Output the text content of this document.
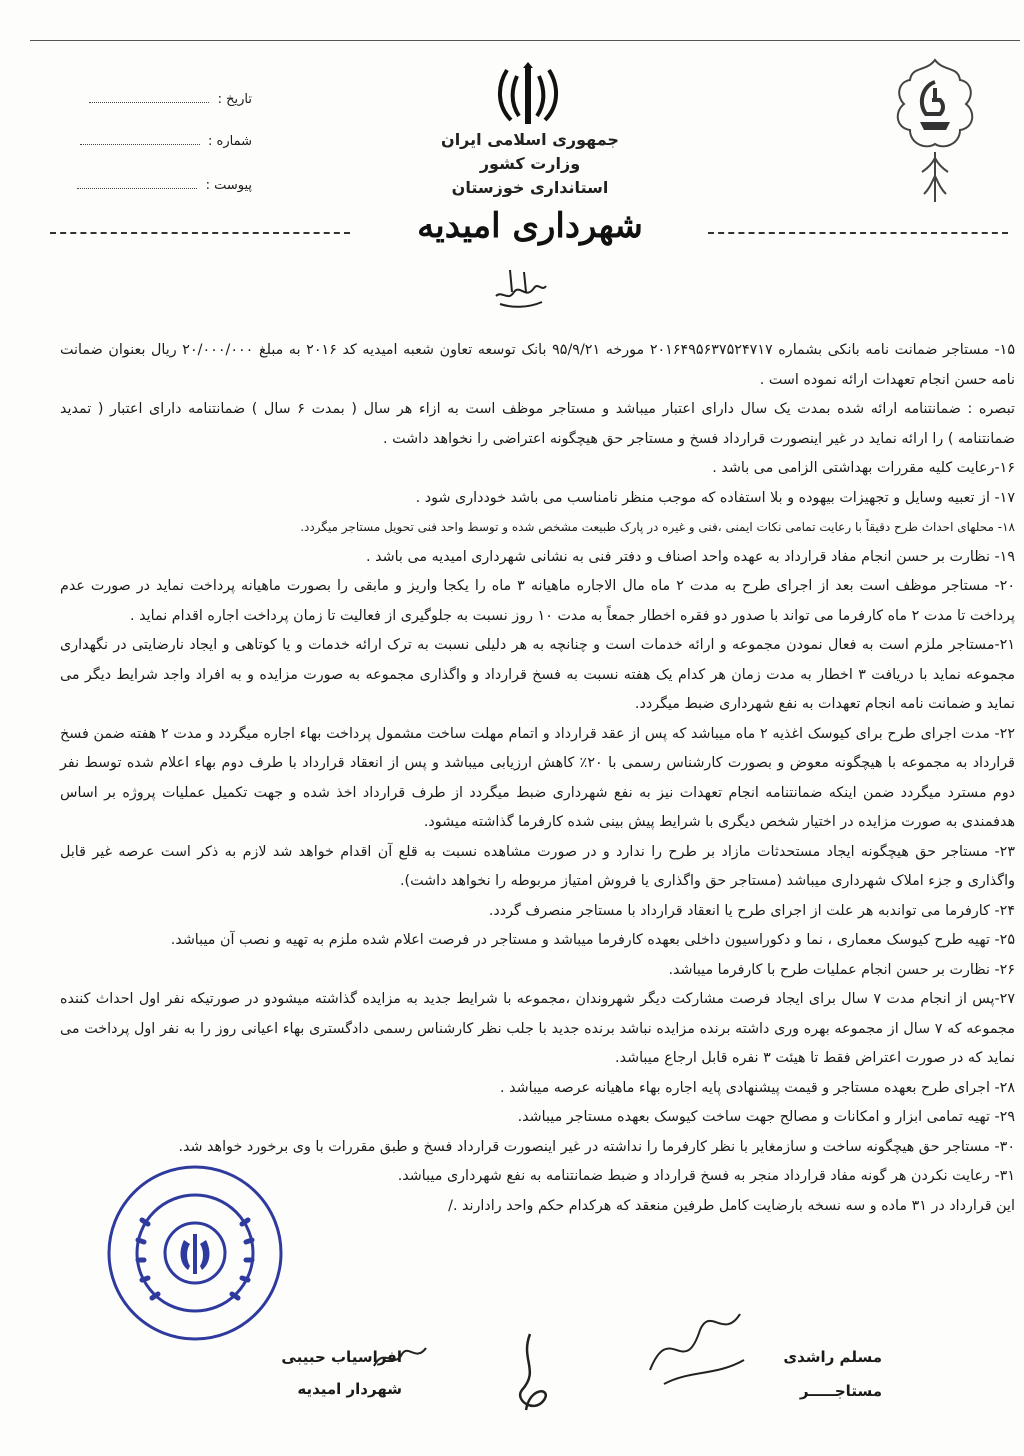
تاریخ :
شماره :
پیوست :
جمهوری اسلامی ایران
وزارت کشور
استانداری خوزستان
شهرداری امیدیه

۱۵- مستاجر ضمانت نامه بانکی بشماره ۲۰۱۶۴۹۵۶۳۷۵۲۴۷۱۷ مورخه ۹۵/۹/۲۱ بانک توسعه تعاون شعبه امیدیه کد ۲۰۱۶ به مبلغ ۲۰/۰۰۰/۰۰۰ ریال بعنوان ضمانت نامه حسن انجام تعهدات ارائه نموده است .

تبصره : ضمانتنامه ارائه شده بمدت یک سال دارای اعتبار میباشد و مستاجر موظف است به ازاء هر سال ( بمدت ۶ سال ) ضمانتنامه دارای اعتبار ( تمدید ضمانتنامه ) را ارائه نماید در غیر اینصورت قرارداد فسخ و مستاجر حق هیچگونه اعتراضی را نخواهد داشت .

۱۶-رعایت کلیه مقررات بهداشتی الزامی می باشد .

۱۷- از تعبیه وسایل و تجهیزات بیهوده و بلا استفاده که موجب منظر نامناسب می باشد خودداری شود .

۱۸- محلهای احداث طرح دقیقاً با رعایت تمامی نکات ایمنی ،فنی و غیره در پارک طبیعت مشخص شده و توسط واحد فنی تحویل مستاجر میگردد.

۱۹- نظارت بر حسن انجام مفاد قرارداد به عهده واحد اصناف و دفتر فنی به نشانی شهرداری امیدیه می باشد .

۲۰- مستاجر موظف است بعد از اجرای طرح به مدت ۲ ماه مال الاجاره ماهیانه ۳ ماه را یکجا واریز و مابقی را بصورت ماهیانه پرداخت نماید در صورت عدم پرداخت تا مدت ۲ ماه کارفرما می تواند با صدور دو فقره اخطار جمعاً به مدت ۱۰ روز نسبت به جلوگیری از فعالیت تا زمان پرداخت اجاره اقدام نماید .

۲۱-مستاجر ملزم است به فعال نمودن مجموعه و ارائه خدمات است و چنانچه به هر دلیلی نسبت به ترک ارائه خدمات و یا کوتاهی و ایجاد نارضایتی در نگهداری مجموعه نماید با دریافت ۳ اخطار به مدت زمان هر کدام یک هفته نسبت به فسخ قرارداد و واگذاری مجموعه به صورت مزایده و به افراد واجد شرایط دیگر می نماید و ضمانت نامه انجام تعهدات به نفع شهرداری ضبط میگردد.

۲۲- مدت اجرای طرح برای کیوسک اغذیه ۲ ماه میباشد که پس از عقد قرارداد و اتمام مهلت ساخت مشمول پرداخت بهاء اجاره میگردد و مدت ۲ هفته ضمن فسخ قرارداد به مجموعه با هیچگونه معوض و بصورت کارشناس رسمی با ۲۰٪ کاهش ارزیابی میباشد و پس از انعقاد قرارداد با طرف دوم بهاء اعلام شده توسط نفر دوم مسترد میگردد ضمن اینکه ضمانتنامه انجام تعهدات نیز به نفع شهرداری ضبط میگردد از طرف قرارداد اخذ شده و جهت تکمیل عملیات پروژه بر اساس هدفمندی به صورت مزایده در اختیار شخص دیگری با شرایط پیش بینی شده کارفرما گذاشته میشود.

۲۳- مستاجر حق هیچگونه ایجاد مستحدثات مازاد بر طرح را ندارد و در صورت مشاهده نسبت به قلع آن اقدام خواهد شد لازم به ذکر است عرصه غیر قابل واگذاری و جزء املاک شهرداری میباشد (مستاجر حق واگذاری یا فروش امتیاز مربوطه را نخواهد داشت).

۲۴- کارفرما می تواندبه هر علت از اجرای طرح یا انعقاد قرارداد با مستاجر منصرف گردد.

۲۵- تهیه طرح کیوسک معماری ، نما و دکوراسیون داخلی بعهده کارفرما میباشد و مستاجر در فرصت اعلام شده ملزم به تهیه و نصب آن میباشد.

۲۶- نظارت بر حسن انجام عملیات طرح با کارفرما میباشد.

۲۷-پس از انجام مدت ۷ سال برای ایجاد فرصت مشارکت دیگر شهروندان ،مجموعه با شرایط جدید به مزایده گذاشته میشودو در صورتیکه نفر اول احداث کننده مجموعه که ۷ سال از مجموعه بهره وری داشته برنده مزایده نباشد برنده جدید با جلب نظر کارشناس رسمی دادگستری بهاء اعیانی روز را به نفر اول پرداخت می نماید که در صورت اعتراض فقط تا هیئت ۳ نفره قابل ارجاع میباشد.

۲۸- اجرای طرح بعهده مستاجر و قیمت پیشنهادی پایه اجاره بهاء ماهیانه عرصه میباشد .

۲۹- تهیه تمامی ابزار و امکانات و مصالح جهت ساخت کیوسک بعهده مستاجر میباشد.

۳۰- مستاجر حق هیچگونه ساخت و سازمغایر با نظر کارفرما را نداشته در غیر اینصورت قرارداد فسخ و طبق مقررات با وی برخورد خواهد شد.

۳۱- رعایت نکردن هر گونه مفاد قرارداد منجر به فسخ قرارداد و ضبط ضمانتنامه به نفع شهرداری میباشد.

این قرارداد در ۳۱ ماده و سه نسخه بارضایت کامل طرفین منعقد که هرکدام حکم واحد رادارند ./

افراسیاب حبیبی
شهردار امیدیه
مسلم راشدی
مستاجـــــر
